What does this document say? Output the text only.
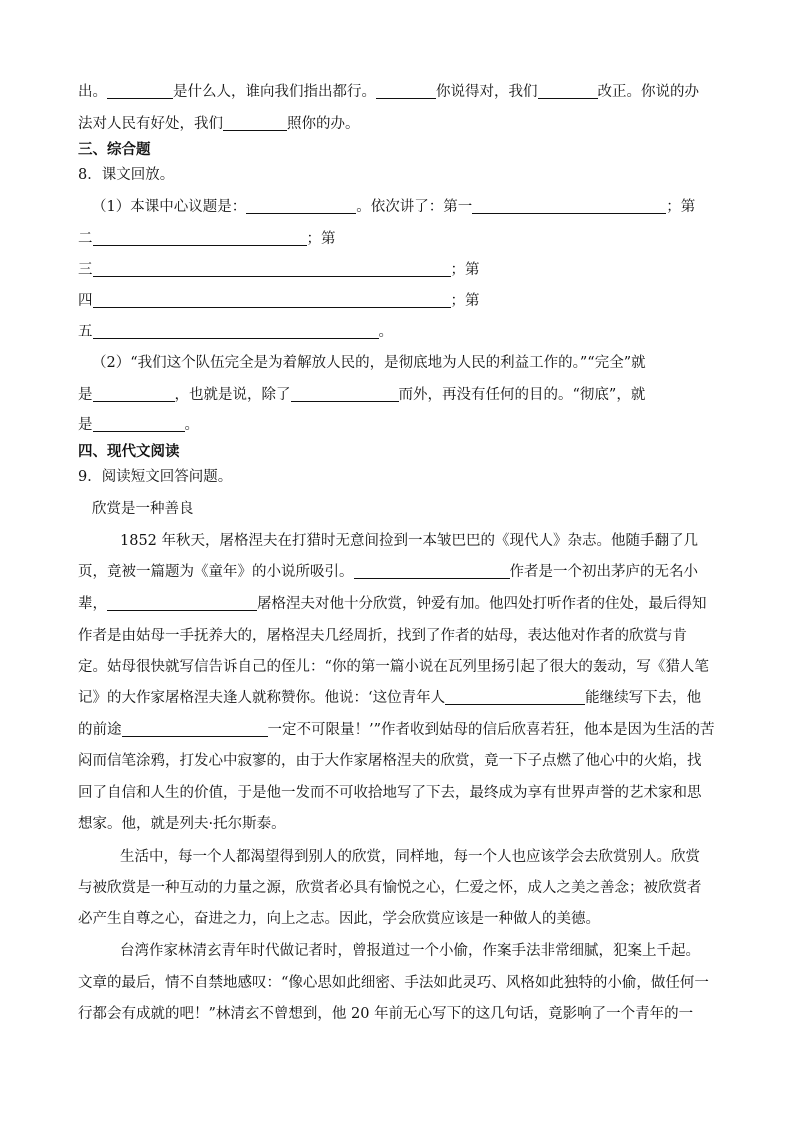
出。	是什么人，谁向我们指出都行。	你说得对，我们	改正。你说的办
法对人民有好处，我们	照你的办。
三、综合题
8．课文回放。
（1）本课中心议题是：	。依次讲了：第一	；第
二	；第
三	；第
四	；第
五	。
（2）“我们这个队伍完全是为着解放人民的，是彻底地为人民的利益工作的。”“完全”就
是	，也就是说，除了	而外，再没有任何的目的。“彻底”，就
是	。
四、现代文阅读
9．阅读短文回答问题。
欣赏是一种善良
1852 年秋天，屠格涅夫在打猎时无意间捡到一本皱巴巴的《现代人》杂志。他随手翻了几
页，竟被一篇题为《童年》的小说所吸引。	作者是一个初出茅庐的无名小
辈，	屠格涅夫对他十分欣赏，钟爱有加。他四处打听作者的住处，最后得知
作者是由姑母一手抚养大的，屠格涅夫几经周折，找到了作者的姑母，表达他对作者的欣赏与肯
定。姑母很快就写信告诉自己的侄儿：“你的第一篇小说在瓦列里扬引起了很大的轰动，写《猎人笔
记》的大作家屠格涅夫逢人就称赞你。他说：‘这位青年人	能继续写下去，他
的前途	一定不可限量！’”作者收到姑母的信后欣喜若狂，他本是因为生活的苦
闷而信笔涂鸦，打发心中寂寥的，由于大作家屠格涅夫的欣赏，竟一下子点燃了他心中的火焰，找
回了自信和人生的价值，于是他一发而不可收拾地写了下去，最终成为享有世界声誉的艺术家和思
想家。他，就是列夫·托尔斯泰。
生活中，每一个人都渴望得到别人的欣赏，同样地，每一个人也应该学会去欣赏别人。欣赏
与被欣赏是一种互动的力量之源，欣赏者必具有愉悦之心，仁爱之怀，成人之美之善念；被欣赏者
必产生自尊之心，奋进之力，向上之志。因此，学会欣赏应该是一种做人的美德。
台湾作家林清玄青年时代做记者时，曾报道过一个小偷，作案手法非常细腻，犯案上千起。
文章的最后，情不自禁地感叹：“像心思如此细密、手法如此灵巧、风格如此独特的小偷，做任何一
行都会有成就的吧！”林清玄不曾想到，他 20 年前无心写下的这几句话，竟影响了一个青年的一
